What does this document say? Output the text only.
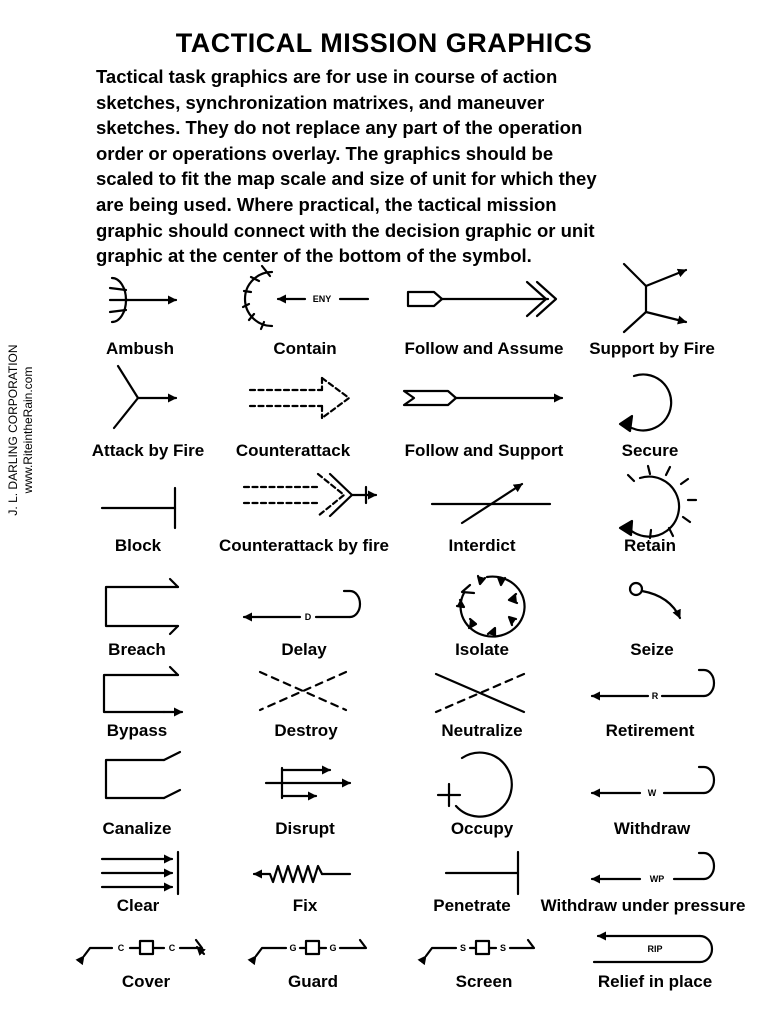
TACTICAL MISSION GRAPHICS
Tactical task graphics are for use in course of action
sketches, synchronization matrixes, and maneuver
sketches. They do not replace any part of the operation
order or operations overlay. The graphics should be
scaled to fit the map scale and size of unit for which they
are being used. Where practical, the tactical mission
graphic should connect with the decision graphic or unit
graphic at the center of the bottom of the symbol.
J. L. DARLING CORPORATION www.RiteintheRain.com
ENY
D
R
W
WP
C	C	G	G	S	S	RIP
Ambush	Contain	Follow and Assume Support by Fire
Attack by Fire Counterattack	Follow and Support	Secure
Block	Counterattack by fire	Interdict	Retain
Breach	Delay	Isolate	Seize
Bypass	Destroy	Neutralize	Retirement
Canalize	Disrupt	Occupy	Withdraw
Clear	Fix	Penetrate Withdraw under pressure
Cover	Guard	Screen	Relief in place
